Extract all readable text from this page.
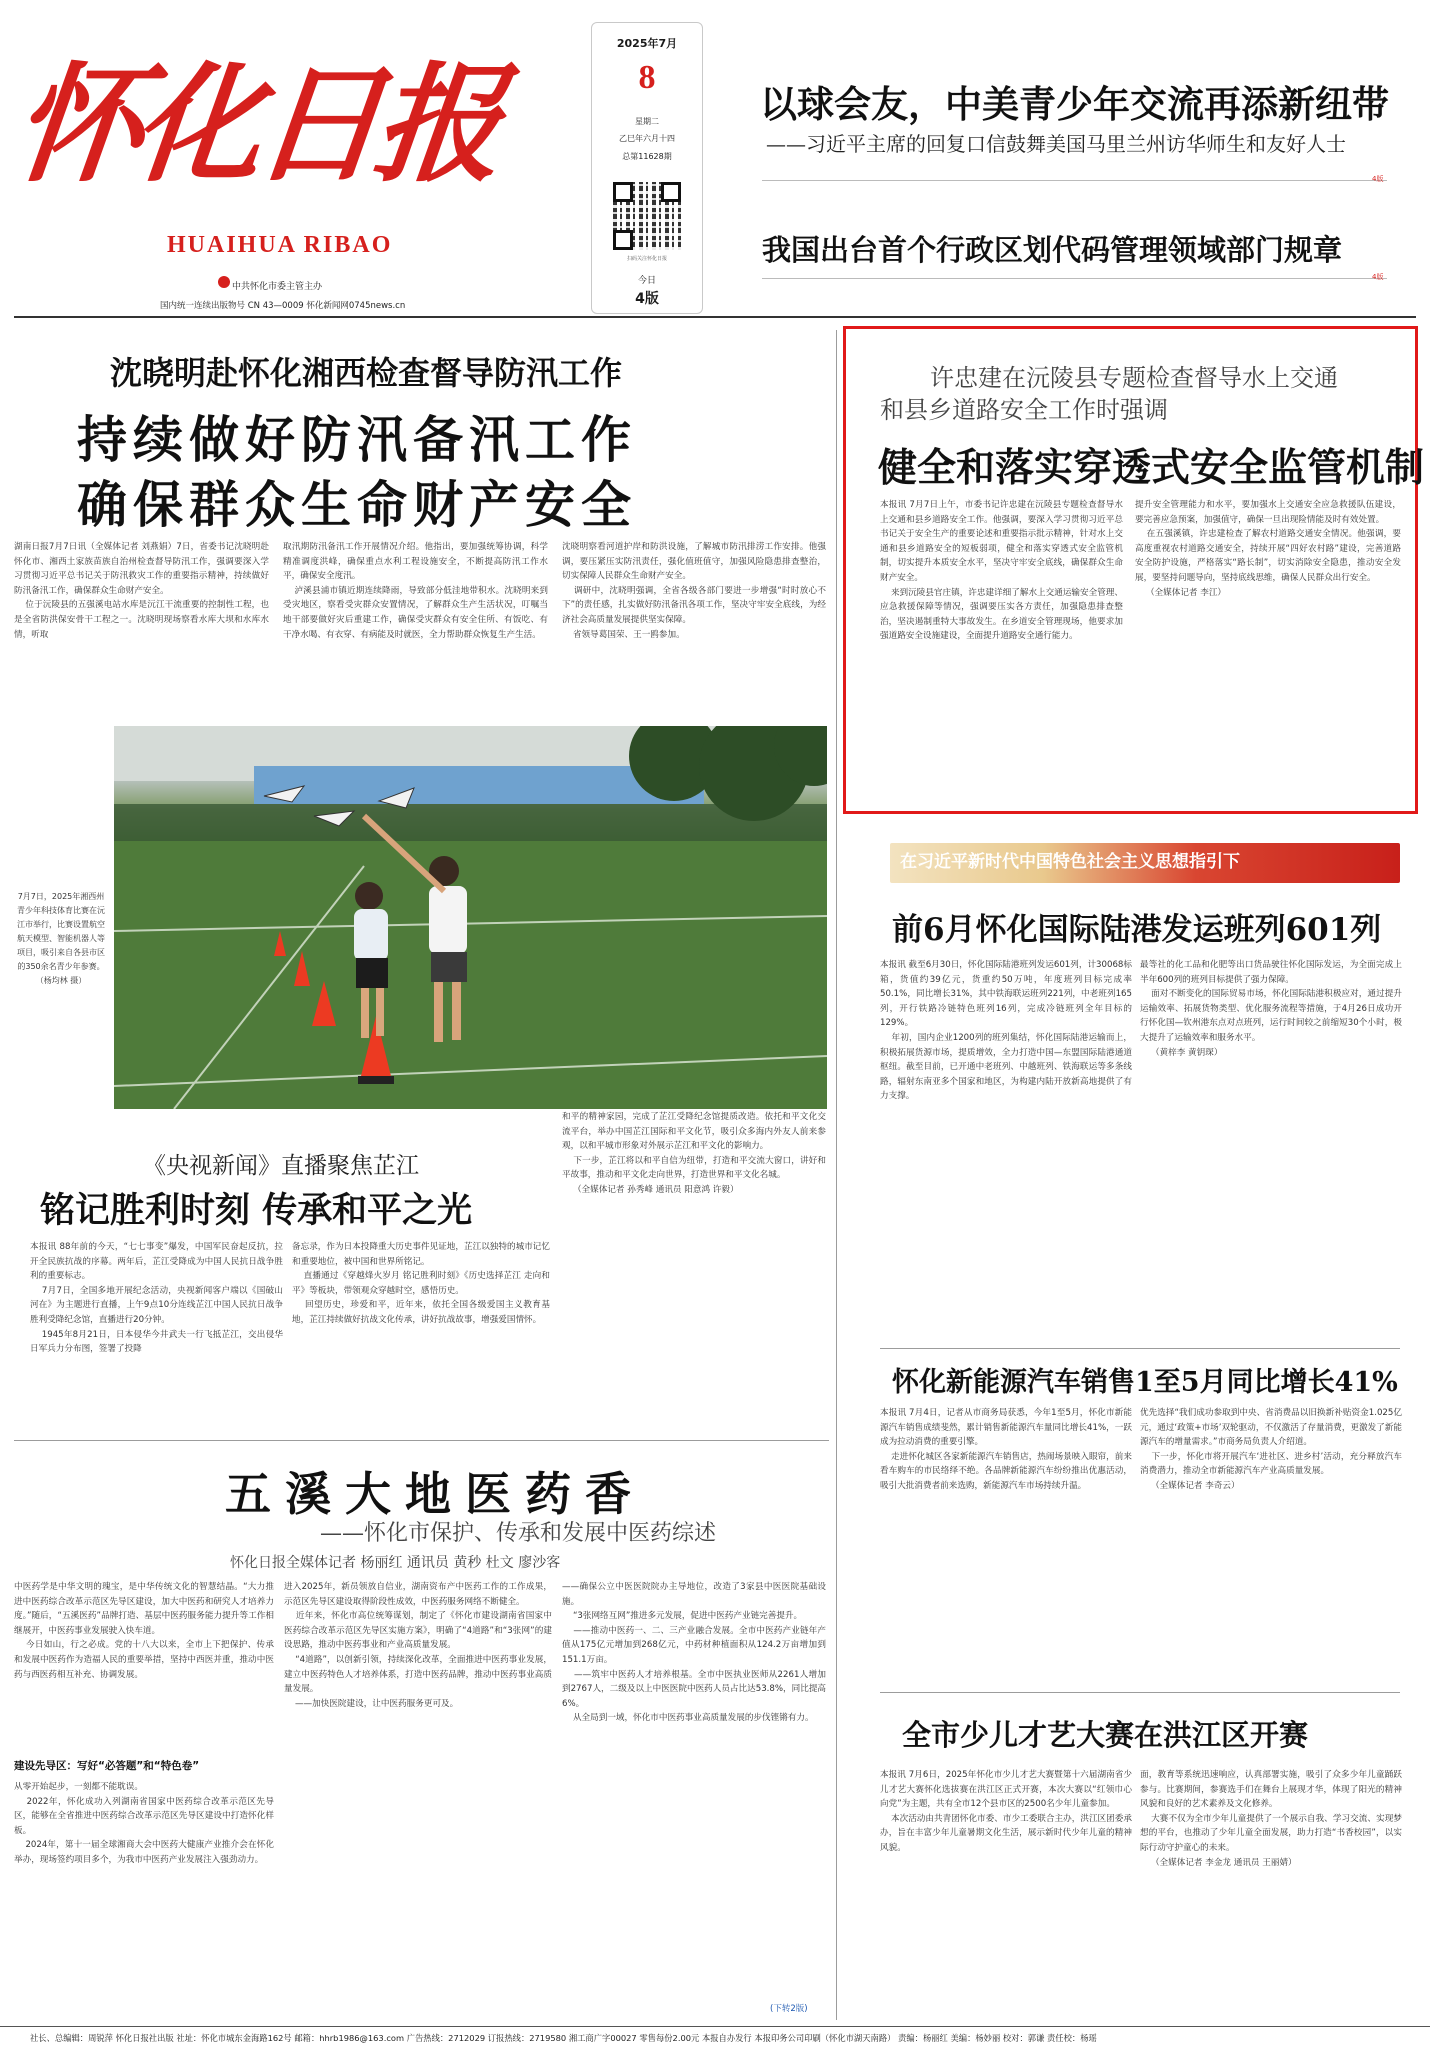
怀化日报
HUAIHUA RIBAO
中共怀化市委主管主办
国内统一连续出版物号 CN 43—0009 怀化新闻网0745news.cn
2025年7月
8
星期二
乙巳年六月十四
总第11628期
扫码关注怀化日报
今日
4版
以球会友，中美青少年交流再添新纽带
——习近平主席的回复口信鼓舞美国马里兰州访华师生和友好人士
4版
我国出台首个行政区划代码管理领域部门规章
4版
沈晓明赴怀化湘西检查督导防汛工作
持续做好防汛备汛工作
确保群众生命财产安全
湖南日报7月7日讯（全媒体记者 刘燕娟）7日，省委书记沈晓明赴怀化市、湘西土家族苗族自治州检查督导防汛工作，强调要深入学习贯彻习近平总书记关于防汛救灾工作的重要指示精神，持续做好防汛备汛工作，确保群众生命财产安全。
位于沅陵县的五强溪电站水库是沅江干流重要的控制性工程，也是全省防洪保安骨干工程之一。沈晓明现场察看水库大坝和水库水情，听取
取汛期防汛备汛工作开展情况介绍。他指出，要加强统筹协调，科学精准调度洪峰，确保重点水利工程设施安全，不断提高防汛工作水平，确保安全度汛。
泸溪县浦市镇近期连续降雨，导致部分低洼地带积水。沈晓明来到受灾地区，察看受灾群众安置情况，了解群众生产生活状况，叮嘱当地干部要做好灾后重建工作，确保受灾群众有安全住所、有饭吃、有干净水喝、有衣穿、有病能及时就医，全力帮助群众恢复生产生活。
沈晓明察看河道护岸和防洪设施，了解城市防汛排涝工作安排。他强调，要压紧压实防汛责任，强化值班值守，加强风险隐患排查整治，切实保障人民群众生命财产安全。
调研中，沈晓明强调，全省各级各部门要进一步增强“时时放心不下”的责任感，扎实做好防汛备汛各项工作，坚决守牢安全底线，为经济社会高质量发展提供坚实保障。
省领导葛国荣、王一鸥参加。
许忠建在沅陵县专题检查督导水上交通
和县乡道路安全工作时强调
健全和落实穿透式安全监管机制
本报讯 7月7日上午，市委书记许忠建在沅陵县专题检查督导水上交通和县乡道路安全工作。他强调，要深入学习贯彻习近平总书记关于安全生产的重要论述和重要指示批示精神，针对水上交通和县乡道路安全的短板弱项，健全和落实穿透式安全监管机制，切实提升本质安全水平，坚决守牢安全底线，确保群众生命财产安全。
来到沅陵县官庄镇，许忠建详细了解水上交通运输安全管理、应急救援保障等情况，强调要压实各方责任，加强隐患排查整治，坚决遏制重特大事故发生。在乡道安全管理现场，他要求加强道路安全设施建设，全面提升道路安全通行能力。
提升安全管理能力和水平，要加强水上交通安全应急救援队伍建设，要完善应急预案，加强值守，确保一旦出现险情能及时有效处置。
在五强溪镇，许忠建检查了解农村道路交通安全情况。他强调，要高度重视农村道路交通安全，持续开展“四好农村路”建设，完善道路安全防护设施，严格落实“路长制”，切实消除安全隐患，推动安全发展，要坚持问题导向，坚持底线思维，确保人民群众出行安全。
（全媒体记者 李江）
7月7日，2025年湘西州青少年科技体育比赛在沅江市举行，比赛设置航空航天模型、智能机器人等项目，吸引来自各县市区的350余名青少年参赛。（杨均林 摄）
《央视新闻》直播聚焦芷江
铭记胜利时刻 传承和平之光
本报讯 88年前的今天，“七七事变”爆发，中国军民奋起反抗，拉开全民族抗战的序幕。两年后，芷江受降成为中国人民抗日战争胜利的重要标志。
7月7日，全国多地开展纪念活动，央视新闻客户端以《国破山河在》为主题进行直播，上午9点10分连线芷江中国人民抗日战争胜利受降纪念馆，直播进行20分钟。
1945年8月21日，日本侵华今井武夫一行飞抵芷江，交出侵华日军兵力分布图，签署了投降
备忘录，作为日本投降重大历史事件见证地，芷江以独特的城市记忆和重要地位，被中国和世界所铭记。
直播通过《穿越烽火岁月 铭记胜利时刻》《历史选择芷江 走向和平》等板块，带领观众穿越时空，感悟历史。
回望历史，珍爱和平，近年来，依托全国各级爱国主义教育基地，芷江持续做好抗战文化传承，讲好抗战故事，增强爱国情怀。
和平的精神家园，完成了芷江受降纪念馆提质改造。依托和平文化交流平台，举办中国芷江国际和平文化节，吸引众多海内外友人前来参观，以和平城市形象对外展示芷江和平文化的影响力。
下一步，芷江将以和平自信为纽带，打造和平交流大窗口，讲好和平故事，推动和平文化走向世界，打造世界和平文化名城。
（全媒体记者 孙秀峰 通讯员 阳意鸿 许毅）
五溪大地医药香
——怀化市保护、传承和发展中医药综述
怀化日报全媒体记者 杨丽红 通讯员 黄秒 杜文 廖沙客
中医药学是中华文明的瑰宝，是中华传统文化的智慧结晶。“大力推进中医药综合改革示范区先导区建设，加大中医药和研究人才培养力度。”随后，“五溪医药”品牌打造、基层中医药服务能力提升等工作相继展开，中医药事业发展驶入快车道。
今日如山，行之必成。党的十八大以来，全市上下把保护、传承和发展中医药作为造福人民的重要举措，坚持中西医并重，推动中医药与西医药相互补充、协调发展。
建设先导区：写好“必答题”和“特色卷”
从零开始起步，一刻都不能耽误。
2022年，怀化成功入列湖南省国家中医药综合改革示范区先导区，能够在全省推进中医药综合改革示范区先导区建设中打造怀化样板。
2024年，第十一届全球湘商大会中医药大健康产业推介会在怀化举办，现场签约项目多个，为我市中医药产业发展注入强劲动力。
进入2025年，新员领放自信业，湖南资布产中医药工作的工作成果，示范区先导区建设取得阶段性成效，中医药服务网络不断健全。
近年来，怀化市高位统筹谋划，制定了《怀化市建设湖南省国家中医药综合改革示范区先导区实施方案》，明确了“4道路”和“3张网”的建设思路，推动中医药事业和产业高质量发展。
“4道路”，以创新引领，持续深化改革，全面推进中医药事业发展，建立中医药特色人才培养体系，打造中医药品牌，推动中医药事业高质量发展。
——加快医院建设，让中医药服务更可及。
——确保公立中医医院院办主导地位，改造了3家县中医医院基础设施。
“3张网络互网”推进多元发展，促进中医药产业链完善提升。
——推动中医药一、二、三产业融合发展。全市中医药产业链年产值从175亿元增加到268亿元，中药材种植面积从124.2万亩增加到151.1万亩。
——筑牢中医药人才培养根基。全市中医执业医师从2261人增加到2767人，二级及以上中医医院中医药人员占比达53.8%，同比提高6%。
从全局到一域，怀化市中医药事业高质量发展的步伐铿锵有力。
(下转2版)
在习近平新时代中国特色社会主义思想指引下
前6月怀化国际陆港发运班列601列
本报讯 截至6月30日，怀化国际陆港班列发运601列，计30068标箱，货值约39亿元，货重约50万吨，年度班列目标完成率50.1%，同比增长31%，其中铁海联运班列221列，中老班列165列，开行铁路冷链特色班列16列，完成冷链班列全年目标的129%。
年初，国内企业1200列的班列集结，怀化国际陆港运输而上，积极拓展货源市场，提质增效，全力打造中国—东盟国际陆港通道枢纽。截至目前，已开通中老班列、中越班列、铁海联运等多条线路，辐射东南亚多个国家和地区，为构建内陆开放新高地提供了有力支撑。
最等社的化工品和化肥等出口货品驶往怀化国际发运，为全面完成上半年600列的班列目标提供了强力保障。
面对不断变化的国际贸易市场，怀化国际陆港积极应对，通过提升运输效率、拓展货物类型、优化服务流程等措施，于4月26日成功开行怀化国—钦州港东点对点班列，运行时间较之前缩短30个小时，极大提升了运输效率和服务水平。
（黄梓李 黄钥琛）
怀化新能源汽车销售1至5月同比增长41%
本报讯 7月4日，记者从市商务局获悉，今年1至5月，怀化市新能源汽车销售成绩斐然，累计销售新能源汽车量同比增长41%，一跃成为拉动消费的重要引擎。
走进怀化城区各家新能源汽车销售店，热闹场景映入眼帘，前来看车购车的市民络绎不绝。各品牌新能源汽车纷纷推出优惠活动，吸引大批消费者前来选购，新能源汽车市场持续升温。
优先选择“我们成功参取到中央、省消费品以旧换新补贴资金1.025亿元，通过‘政策+市场’双轮驱动，不仅激活了存量消费，更激发了新能源汽车的增量需求。”市商务局负责人介绍道。
下一步，怀化市将开展汽车‘进社区、进乡村’活动，充分释放汽车消费潜力，推动全市新能源汽车产业高质量发展。
（全媒体记者 李奇云）
全市少儿才艺大赛在洪江区开赛
本报讯 7月6日，2025年怀化市少儿才艺大赛暨第十六届湖南省少儿才艺大赛怀化选拔赛在洪江区正式开赛，本次大赛以“红领巾心向党”为主题，共有全市12个县市区的2500名少年儿童参加。
本次活动由共青团怀化市委、市少工委联合主办，洪江区团委承办，旨在丰富少年儿童暑期文化生活，展示新时代少年儿童的精神风貌。
面，教育等系统迅速响应，认真部署实施，吸引了众多少年儿童踊跃参与。比赛期间，参赛选手们在舞台上展现才华，体现了阳光的精神风貌和良好的艺术素养及文化修养。
大赛不仅为全市少年儿童提供了一个展示自我、学习交流、实现梦想的平台，也推动了少年儿童全面发展，助力打造“书香校园”，以实际行动守护童心的未来。
（全媒体记者 李金龙 通讯员 王丽婧）
社长、总编辑：周锐萍 怀化日报社出版 社址：怀化市城东金海路162号 邮箱：hhrb1986@163.com 广告热线：2712029 订报热线：2719580 湘工商广字00027 零售每份2.00元 本报自办发行 本报印务公司印刷（怀化市湖天南路） 责编：杨丽红 美编：杨妙丽 校对：郭谦 责任校：杨瑶
